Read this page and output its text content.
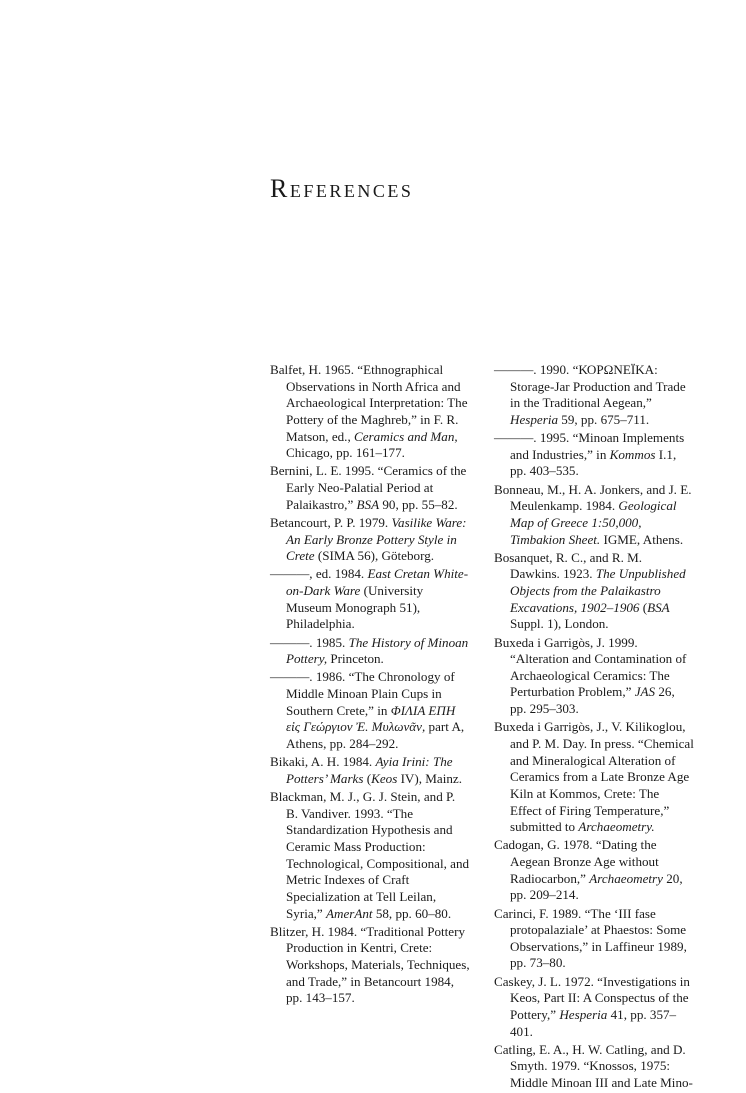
References

Balfet, H. 1965. “Ethnographical Observations in North Africa and Archaeological Interpretation: The Pottery of the Maghreb,” in F. R. Matson, ed., Ceramics and Man, Chicago, pp. 161–177.

Bernini, L. E. 1995. “Ceramics of the Early Neo-Palatial Period at Palaikastro,” BSA 90, pp. 55–82.

Betancourt, P. P. 1979. Vasilike Ware: An Early Bronze Pottery Style in Crete (SIMA 56), Göteborg.

———, ed. 1984. East Cretan White-on-Dark Ware (University Museum Monograph 51), Philadelphia.

———. 1985. The History of Minoan Pottery, Princeton.

———. 1986. “The Chronology of Middle Minoan Plain Cups in Southern Crete,” in ΦΙΛΙΑ ΕΠΗ εἰς Γεώργιον Ἐ. Μυλωνᾶν, part A, Athens, pp. 284–292.

Bikaki, A. H. 1984. Ayia Irini: The Potters’ Marks (Keos IV), Mainz.

Blackman, M. J., G. J. Stein, and P. B. Vandiver. 1993. “The Standardization Hypothesis and Ceramic Mass Production: Technological, Compositional, and Metric Indexes of Craft Specialization at Tell Leilan, Syria,” AmerAnt 58, pp. 60–80.

Blitzer, H. 1984. “Traditional Pottery Production in Kentri, Crete: Workshops, Materials, Techniques, and Trade,” in Betancourt 1984, pp. 143–157.

———. 1990. “ΚΟΡΩΝΕΪΚΑ: Storage-Jar Production and Trade in the Traditional Aegean,” Hesperia 59, pp. 675–711.

———. 1995. “Minoan Implements and Industries,” in Kommos I.1, pp. 403–535.

Bonneau, M., H. A. Jonkers, and J. E. Meulenkamp. 1984. Geological Map of Greece 1:50,000, Timbakion Sheet. IGME, Athens.

Bosanquet, R. C., and R. M. Dawkins. 1923. The Unpublished Objects from the Palaikastro Excavations, 1902–1906 (BSA Suppl. 1), London.

Buxeda i Garrigòs, J. 1999. “Alteration and Contamination of Archaeological Ceramics: The Perturbation Problem,” JAS 26, pp. 295–303.

Buxeda i Garrigòs, J., V. Kilikoglou, and P. M. Day. In press. “Chemical and Mineralogical Alteration of Ceramics from a Late Bronze Age Kiln at Kommos, Crete: The Effect of Firing Temperature,” submitted to Archaeometry.

Cadogan, G. 1978. “Dating the Aegean Bronze Age without Radiocarbon,” Archaeometry 20, pp. 209–214.

Carinci, F. 1989. “The ‘III fase protopalaziale’ at Phaestos: Some Observations,” in Laffineur 1989, pp. 73–80.

Caskey, J. L. 1972. “Investigations in Keos, Part II: A Conspectus of the Pottery,” Hesperia 41, pp. 357–401.

Catling, E. A., H. W. Catling, and D. Smyth. 1979. “Knossos, 1975: Middle Minoan III and Late Mino-
